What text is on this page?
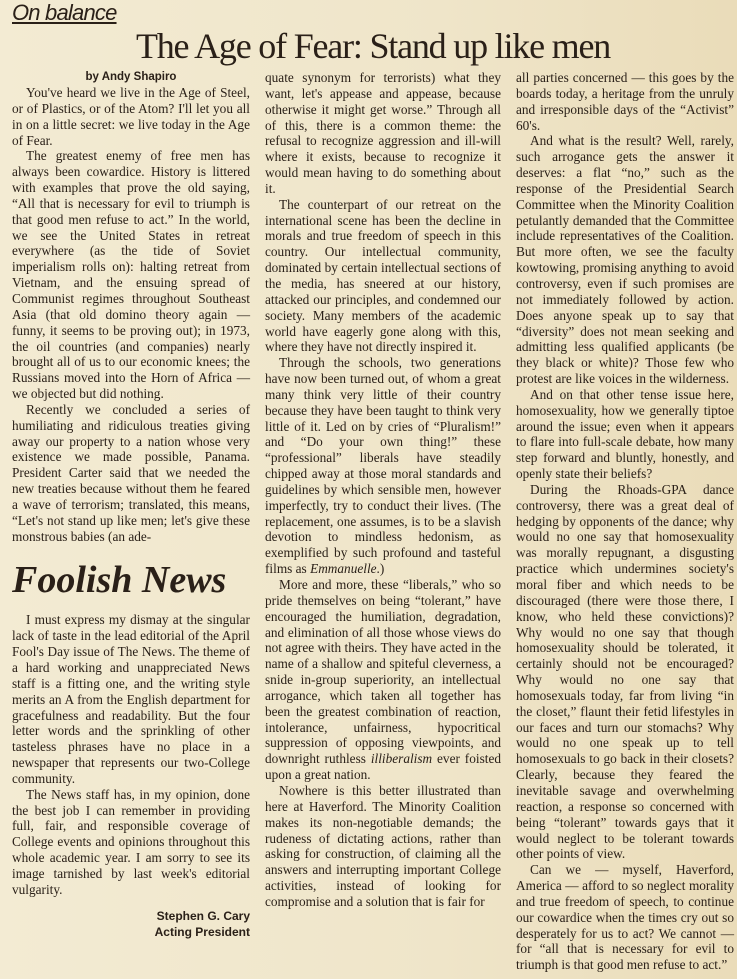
On balance
The Age of Fear: Stand up like men

by Andy Shapiro

You've heard we live in the Age of Steel, or of Plastics, or of the Atom? I'll let you all in on a little secret: we live today in the Age of Fear.

The greatest enemy of free men has always been cowardice. History is littered with examples that prove the old saying, “All that is necessary for evil to triumph is that good men refuse to act.” In the world, we see the United States in retreat everywhere (as the tide of Soviet imperialism rolls on): halting retreat from Vietnam, and the ensuing spread of Communist regimes throughout Southeast Asia (that old domino theory again — funny, it seems to be proving out); in 1973, the oil countries (and companies) nearly brought all of us to our economic knees; the Russians moved into the Horn of Africa — we objected but did nothing.

Recently we concluded a series of humiliating and ridiculous treaties giving away our property to a nation whose very existence we made possible, Panama. President Carter said that we needed the new treaties because without them he feared a wave of terrorism; translated, this means, “Let's not stand up like men; let's give these monstrous babies (an ade-

Foolish News

I must express my dismay at the singular lack of taste in the lead editorial of the April Fool's Day issue of The News. The theme of a hard working and unappreciated News staff is a fitting one, and the writing style merits an A from the English department for gracefulness and readability. But the four letter words and the sprinkling of other tasteless phrases have no place in a newspaper that represents our two-College community.

The News staff has, in my opinion, done the best job I can remember in providing full, fair, and responsible coverage of College events and opinions throughout this whole academic year. I am sorry to see its image tarnished by last week's editorial vulgarity.

Stephen G. Cary
Acting President

quate synonym for terrorists) what they want, let's appease and appease, because otherwise it might get worse.” Through all of this, there is a common theme: the refusal to recognize aggression and ill-will where it exists, because to recognize it would mean having to do something about it.

The counterpart of our retreat on the international scene has been the decline in morals and true freedom of speech in this country. Our intellectual community, dominated by certain intellectual sections of the media, has sneered at our history, attacked our principles, and condemned our society. Many members of the academic world have eagerly gone along with this, where they have not directly inspired it.

Through the schools, two generations have now been turned out, of whom a great many think very little of their country because they have been taught to think very little of it. Led on by cries of “Pluralism!” and “Do your own thing!” these “professional” liberals have steadily chipped away at those moral standards and guidelines by which sensible men, however imperfectly, try to conduct their lives. (The replacement, one assumes, is to be a slavish devotion to mindless hedonism, as exemplified by such profound and tasteful films as Emmanuelle.)

More and more, these “liberals,” who so pride themselves on being “tolerant,” have encouraged the humiliation, degradation, and elimination of all those whose views do not agree with theirs. They have acted in the name of a shallow and spiteful cleverness, a snide in-group superiority, an intellectual arrogance, which taken all together has been the greatest combination of reaction, intolerance, unfairness, hypocritical suppression of opposing viewpoints, and downright ruthless illiberalism ever foisted upon a great nation.

Nowhere is this better illustrated than here at Haverford. The Minority Coalition makes its non-negotiable demands; the rudeness of dictating actions, rather than asking for construction, of claiming all the answers and interrupting important College activities, instead of looking for compromise and a solution that is fair for

all parties concerned — this goes by the boards today, a heritage from the unruly and irresponsible days of the “Activist” 60's.

And what is the result? Well, rarely, such arrogance gets the answer it deserves: a flat “no,” such as the response of the Presidential Search Committee when the Minority Coalition petulantly demanded that the Committee include representatives of the Coalition. But more often, we see the faculty kowtowing, promising anything to avoid controversy, even if such promises are not immediately followed by action. Does anyone speak up to say that “diversity” does not mean seeking and admitting less qualified applicants (be they black or white)? Those few who protest are like voices in the wilderness.

And on that other tense issue here, homosexuality, how we generally tiptoe around the issue; even when it appears to flare into full-scale debate, how many step forward and bluntly, honestly, and openly state their beliefs?

During the Rhoads-GPA dance controversy, there was a great deal of hedging by opponents of the dance; why would no one say that homosexuality was morally repugnant, a disgusting practice which undermines society's moral fiber and which needs to be discouraged (there were those there, I know, who held these convictions)? Why would no one say that though homosexuality should be tolerated, it certainly should not be encouraged? Why would no one say that homosexuals today, far from living “in the closet,” flaunt their fetid lifestyles in our faces and turn our stomachs? Why would no one speak up to tell homosexuals to go back in their closets? Clearly, because they feared the inevitable savage and overwhelming reaction, a response so concerned with being “tolerant” towards gays that it would neglect to be tolerant towards other points of view.

Can we — myself, Haverford, America — afford to so neglect morality and true freedom of speech, to continue our cowardice when the times cry out so desperately for us to act? We cannot — for “all that is necessary for evil to triumph is that good men refuse to act.”
